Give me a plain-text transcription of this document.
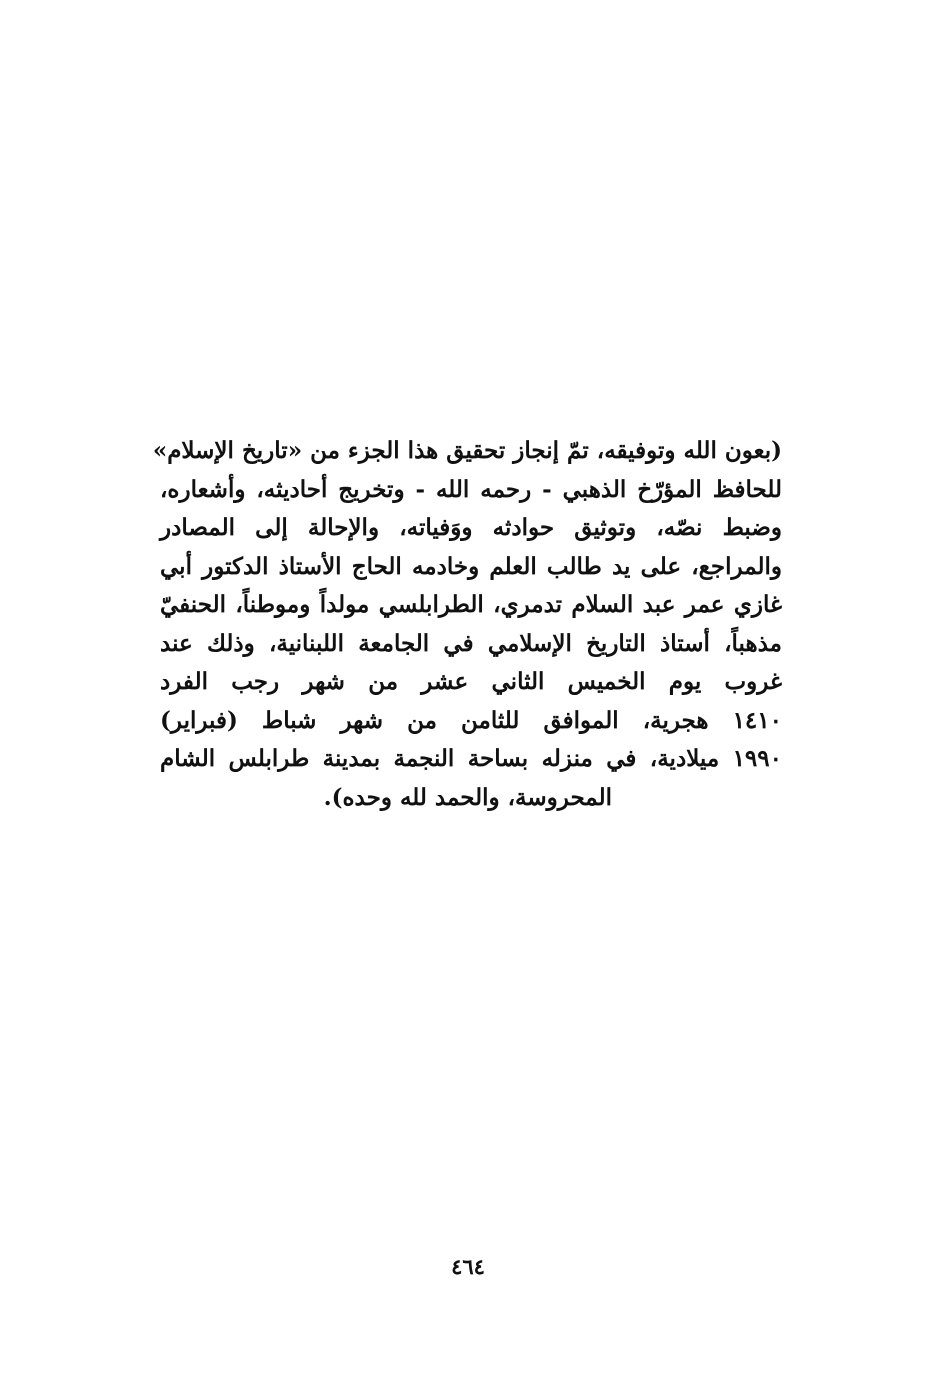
(بعون الله وتوفيقه، تمّ إنجاز تحقيق هذا الجزء من «تاريخ الإسلام»
للحافظ المؤرّخ الذهبي - رحمه الله - وتخريج أحاديثه، وأشعاره،
وضبط نصّه، وتوثيق حوادثه ووَفياته، والإحالة إلى المصادر
والمراجع، على يد طالب العلم وخادمه الحاج الأستاذ الدكتور أبي
غازي عمر عبد السلام تدمري، الطرابلسي مولداً وموطناً، الحنفيّ
مذهباً، أستاذ التاريخ الإسلامي في الجامعة اللبنانية، وذلك عند
غروب يوم الخميس الثاني عشر من شهر رجب الفرد
١٤١٠ هجرية، الموافق للثامن من شهر شباط (فبراير)
١٩٩٠ ميلادية، في منزله بساحة النجمة بمدينة طرابلس الشام
المحروسة، والحمد لله وحده).
٤٦٤
